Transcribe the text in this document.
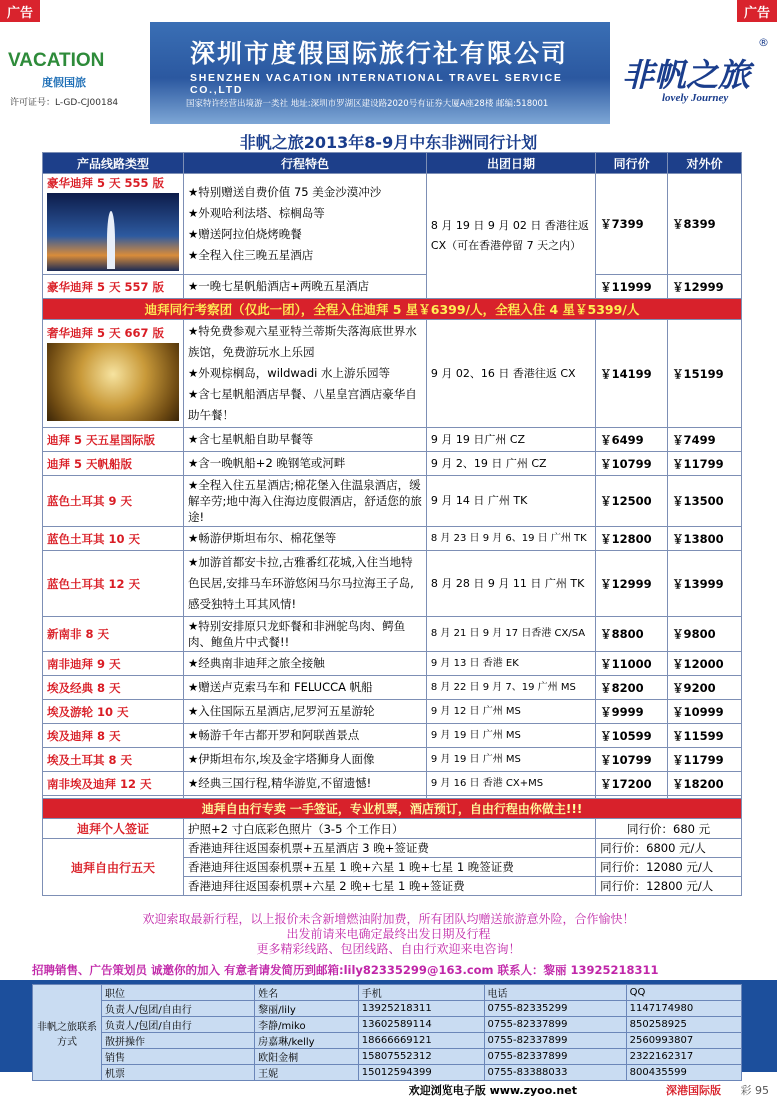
广告	广告
VACATION
度假国旅
许可证号：L-GD-CJ00184
深圳市度假国际旅行社有限公司
SHENZHEN VACATION INTERNATIONAL TRAVEL SERVICE CO.,LTD
国家特许经营出境游一类社 地址:深圳市罗湖区建设路2020号有证券大厦A座28楼 邮编:518001
®
非帆之旅
lovely Journey
非帆之旅2013年8-9月中东非洲同行计划
产品线路类型	行程特色	出团日期	同行价	对外价

豪华迪拜 5 天 555 版	★特别赠送自费价值 75 美金沙漠冲沙
★外观哈利法塔、棕榈岛等
★赠送阿拉伯烧烤晚餐
★全程入住三晚五星酒店	8 月 19 日 9 月 02 日 香港往返 CX（可在香港停留 7 天之内）	￥7399	￥8399
豪华迪拜 5 天 557 版	★一晚七星帆船酒店+两晚五星酒店		￥11999	￥12999
迪拜同行考察团（仅此一团），全程入住迪拜 5 星￥6399/人，全程入住 4 星￥5399/人				

奢华迪拜 5 天 667 版	★特免费参观六星亚特兰蒂斯失落海底世界水族馆，免费游玩水上乐园
★外观棕榈岛，wildwadi 水上游乐园等
★含七星帆船酒店早餐、八星皇宫酒店豪华自助午餐！	9 月 02、16 日 香港往返 CX	￥14199	￥15199
迪拜 5 天五星国际版	★含七星帆船自助早餐等	9 月 19 日广州 CZ	￥6499	￥7499
迪拜 5 天帆船版	★含一晚帆船+2 晚钢笔或河畔	9 月 2、19 日 广州 CZ	￥10799	￥11799
蓝色土耳其 9 天	★全程入住五星酒店;棉花堡入住温泉酒店，缓解辛劳;地中海入住海边度假酒店，舒适您的旅途!	9 月 14 日 广州 TK	￥12500	￥13500
蓝色土耳其 10 天	★畅游伊斯坦布尔、棉花堡等	8 月 23 日 9 月 6、19 日 广州 TK	￥12800	￥13800
蓝色土耳其 12 天	★加游首都安卡拉,古雅番红花城,入住当地特色民居,安排马车环游悠闲马尔马拉海王子岛,感受独特土耳其风情!	8 月 28 日 9 月 11 日 广州 TK	￥12999	￥13999
新南非 8 天	★特别安排原只龙虾餐和非洲鸵鸟肉、鳄鱼肉、鲍鱼片中式餐!!	8 月 21 日 9 月 17 日香港 CX/SA	￥8800	￥9800
南非迪拜 9 天	★经典南非迪拜之旅全接触	9 月 13 日 香港 EK	￥11000	￥12000
埃及经典 8 天	★赠送卢克索马车和 FELUCCA 帆船	8 月 22 日 9 月 7、19 广州 MS	￥8200	￥9200
埃及游轮 10 天	★入住国际五星酒店,尼罗河五星游轮	9 月 12 日 广州 MS	￥9999	￥10999
埃及迪拜 8 天	★畅游千年古都开罗和阿联酋景点	9 月 19 日 广州 MS	￥10599	￥11599
埃及土耳其 8 天	★伊斯坦布尔,埃及金字塔狮身人面像	9 月 19 日 广州 MS	￥10799	￥11799
南非埃及迪拜 12 天	★经典三国行程,精华游览,不留遗憾!	9 月 16 日 香港 CX+MS	￥17200	￥18200

迪拜自由行专卖 一手签证，专业机票，酒店预订，自由行程由你做主!!!				
迪拜个人签证	护照+2 寸白底彩色照片（3-5 个工作日）		同行价：680 元	
迪拜自由行五天	香港迪拜往返国泰机票+五星酒店 3 晚+签证费		同行价：6800 元/人	
	香港迪拜往返国泰机票+五星 1 晚+六星 1 晚+七星 1 晚签证费		同行价：12080 元/人	
	香港迪拜往返国泰机票+六星 2 晚+七星 1 晚+签证费		同行价：12800 元/人	
欢迎索取最新行程，以上报价未含新增燃油附加费，所有团队均赠送旅游意外险，合作愉快！
出发前请来电确定最终出发日期及行程
更多精彩线路、包团线路、自由行欢迎来电咨询！
招聘销售、广告策划员 诚邀你的加入 有意者请发简历到邮箱:lily82335299@163.com 联系人：黎丽 13925218311
非帆之旅联系方式	职位	姓名	手机	电话	QQ
	负责人/包团/自由行	黎丽/lily	13925218311	0755-82335299	1147174980
	负责人/包团/自由行	李静/miko	13602589114	0755-82337899	850258925
	散拼操作	房嘉琳/kelly	18666669121	0755-82337899	2560993807
	销售	欧阳金桐	15807552312	0755-82337899	2322162317
	机票	王妮	15012594399	0755-83388033	800435599
欢迎浏览电子版 www.zyoo.net	深港国际版 彩 95
